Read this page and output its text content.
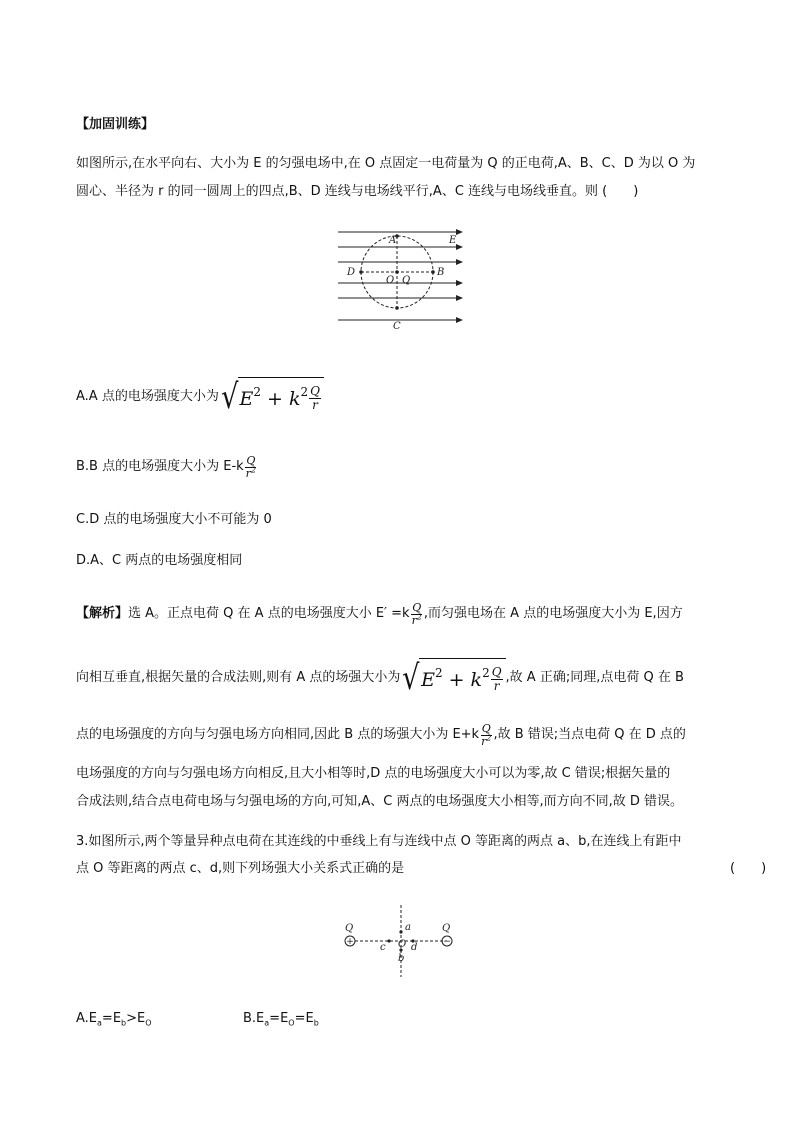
【加固训练】
如图所示,在水平向右、大小为 E 的匀强电场中,在 O 点固定一电荷量为 Q 的正电荷,A、B、C、D 为以 O 为
圆心、半径为 r 的同一圆周上的四点,B、D 连线与电场线平行,A、C 连线与电场线垂直。则 (　　)
A
B
C
D
O Q
E
A.A 点的电场强度大小为 √ $E^2 + k^2 \frac{Q}{r}$
B.B 点的电场强度大小为 $E-k \frac{Q}{r^2}$
C.D 点的电场强度大小不可能为 0
D.A、C 两点的电场强度相同
【解析】 选 A。正点电荷 Q 在 A 点的电场强度大小 $E' =k \frac{Q}{r^2}$ ,而匀强电场在 A 点的电场强度大小为 E,因方
向相互垂直,根据矢量的合成法则,则有 A 点的场强大小为 √ $E^2 + k^2 \frac{Q}{r}$ ,故 A 正确;同理,点电荷 Q 在 B
点的电场强度的方向与匀强电场方向相同,因此 B 点的场强大小为 $E+k \frac{Q}{r^2}$ ,故 B 错误;当点电荷 Q 在 D 点的
电场强度的方向与匀强电场方向相反,且大小相等时,D 点的电场强度大小可以为零,故 C 错误;根据矢量的
合成法则,结合点电荷电场与匀强电场的方向,可知,A、C 两点的电场强度大小相等,而方向不同,故 D 错误。
3.如图所示,两个等量异种点电荷在其连线的中垂线上有与连线中点 O 等距离的两点 a、b,在连线上有距中
点 O 等距离的两点 c、d,则下列场强大小关系式正确的是	(　　)
Q	Q
a
b
c	d
O
+	−
$A.E_a=E_b>E_O$	$B.E_a=E_O=E_b$
